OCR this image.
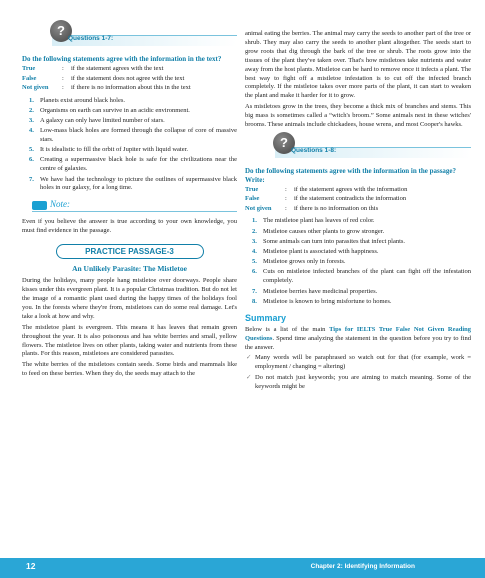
?
Questions 1-7:
Do the following statements agree with the information in the text?
True	:	if the statement agrees with the text
False	:	if the statement does not agree with the text
Not given	:	if there is no information about this in the text
1. Planets exist around black holes.
2. Organisms on earth can survive in an acidic environment.
3. A galaxy can only have limited number of stars.
4. Low-mass black holes are formed through the collapse of core of massive stars.
5. It is idealistic to fill the orbit of Jupiter with liquid water.
6. Creating a supermassive black hole is safe for the civilizations near the centre of galaxies.
7. We have had the technology to picture the outlines of supermassive black holes in our galaxy, for a long time.
Note:

Even if you believe the answer is true according to your own knowledge, you must find evidence in the passage.

PRACTICE PASSAGE-3
An Unlikely Parasite: The Mistletoe

During the holidays, many people hang mistletoe over doorways. People share kisses under this evergreen plant. It is a popular Christmas tradition. But do not let the image of a romantic plant used during the happy times of the holidays fool you. In the forests where they're from, mistletoes can do some real damage. Let's take a look at how and why.

The mistletoe plant is evergreen. This means it has leaves that remain green throughout the year. It is also poisonous and has white berries and small, yellow flowers. The mistletoe lives on other plants, taking water and nutrients from these plants. For this reason, mistletoes are considered parasites.

The white berries of the mistletoes contain seeds. Some birds and mammals like to feed on these berries. When they do, the seeds may attach to the

animal eating the berries. The animal may carry the seeds to another part of the tree or shrub. They may also carry the seeds to another plant altogether. The seeds start to grow roots that dig through the bark of the tree or shrub. The roots grow into the tissues of the plant they've taken over. That's how mistletoes take nutrients and water away from the host plants. Mistletoe can be hard to remove once it infects a plant. The best way to fight off a mistletoe infestation is to cut off the infected branch completely. If the mistletoe takes over more parts of the plant, it can start to weaken the plant and make it harder for it to grow.

As mistletoes grow in the trees, they become a thick mix of branches and stems. This big mass is sometimes called a “witch's broom.” Some animals nest in these witches' brooms. These animals include chickadees, house wrens, and most Cooper's hawks.

?
Questions 1-8:
Do the following statements agree with the information in the passage? Write:
True	:	if the statement agrees with the information
False	:	if the statement contradicts the information
Not given	:	if there is no information on this
1. The mistletoe plant has leaves of red color.
2. Mistletoe causes other plants to grow stronger.
3. Some animals can turn into parasites that infect plants.
4. Mistletoe plant is associated with happiness.
5. Mistletoe grows only in forests.
6. Cuts on mistletoe infected branches of the plant can fight off the infestation completely.
7. Mistletoe berries have medicinal properties.
8. Mistletoe is known to bring misfortune to homes.
Summary

Below is a list of the main Tips for IELTS True False Not Given Reading Questions. Spend time analyzing the statement in the question before you try to find the answer.

✓ Many words will be paraphrased so watch out for that (for example, work = employment / changing = altering)

✓ Do not match just keywords; you are aiming to match meaning. Some of the keywords might be

12	Chapter 2: Identifying Information
